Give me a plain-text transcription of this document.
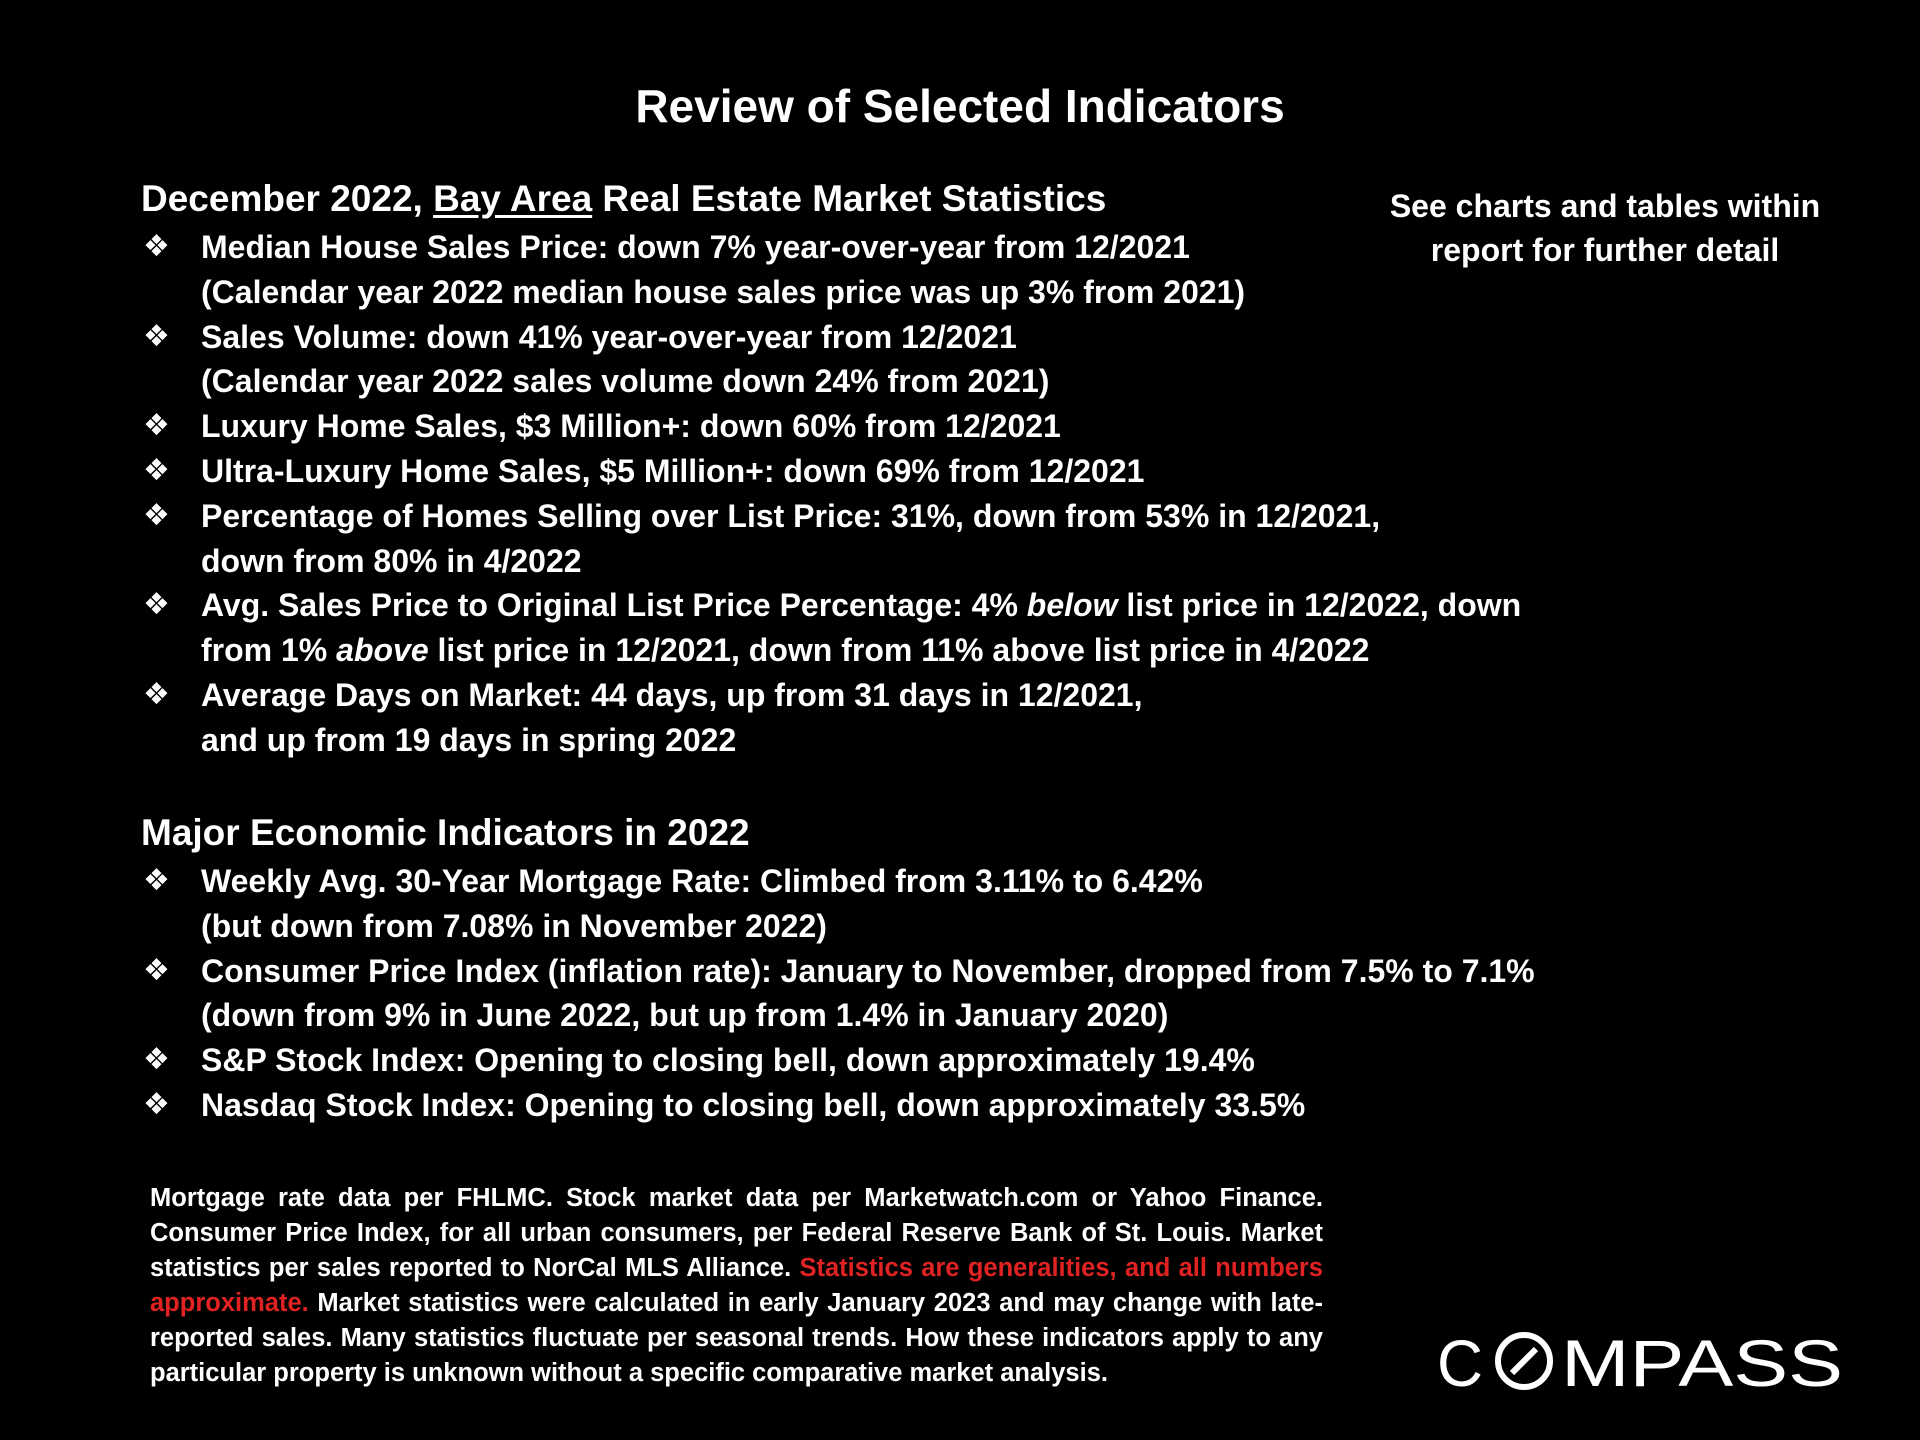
Review of Selected Indicators
December 2022, Bay Area Real Estate Market Statistics	See charts and tables within
report for further detail
❖ Median House Sales Price: down 7% year-over-year from 12/2021
(Calendar year 2022 median house sales price was up 3% from 2021)
❖ Sales Volume: down 41% year-over-year from 12/2021
(Calendar year 2022 sales volume down 24% from 2021)
❖ Luxury Home Sales, $3 Million+: down 60% from 12/2021
❖ Ultra-Luxury Home Sales, $5 Million+: down 69% from 12/2021
❖ Percentage of Homes Selling over List Price: 31%, down from 53% in 12/2021,
down from 80% in 4/2022
❖ Avg. Sales Price to Original List Price Percentage: 4% below list price in 12/2022, down
from 1% above list price in 12/2021, down from 11% above list price in 4/2022
❖ Average Days on Market: 44 days, up from 31 days in 12/2021,
and up from 19 days in spring 2022
Major Economic Indicators in 2022
❖ Weekly Avg. 30-Year Mortgage Rate: Climbed from 3.11% to 6.42%
(but down from 7.08% in November 2022)
❖ Consumer Price Index (inflation rate): January to November, dropped from 7.5% to 7.1%
(down from 9% in June 2022, but up from 1.4% in January 2020)
❖ S&P Stock Index: Opening to closing bell, down approximately 19.4%
❖ Nasdaq Stock Index: Opening to closing bell, down approximately 33.5%
Mortgage rate data per FHLMC. Stock market data per Marketwatch.com or Yahoo Finance. Consumer Price Index, for all urban consumers, per Federal Reserve Bank of St. Louis. Market statistics per sales reported to NorCal MLS Alliance. Statistics are generalities, and all numbers approximate. Market statistics were calculated in early January 2023 and may change with late-reported sales. Many statistics fluctuate per seasonal trends. How these indicators apply to any particular property is unknown without a specific comparative market analysis.	C MPASS
